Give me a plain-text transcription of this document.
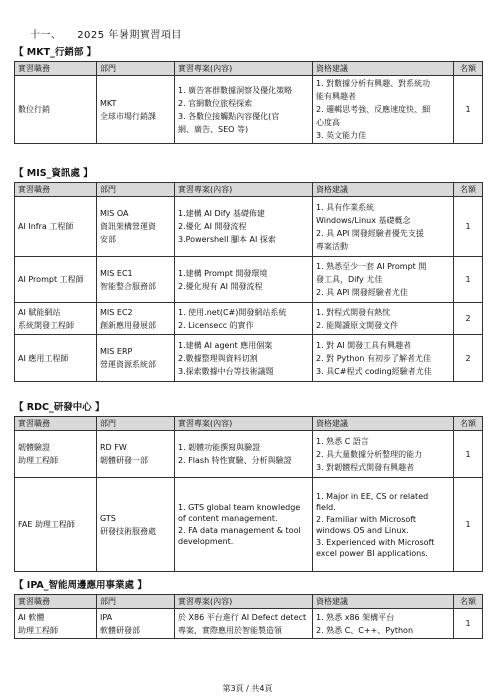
十一、 2025 年暑期實習項目
【 MKT_行銷部 】
實習職務	部門	實習專案(內容)	資格建議	名額

數位行銷	MKT
全球市場行銷課	1. 廣告客群數據洞察及優化策略
2. 官網數位旅程探索
3. 各數位接觸點內容優化(官
網、廣告、SEO 等)	1. 對數據分析有興趣、對系統功
能有興趣者
2. 邏輯思考強、反應速度快、細
心度高
3. 英文能力佳	1
【 MIS_資訊處 】
實習職務	部門	實習專案(內容)	資格建議	名額

AI Infra 工程師	MIS OA
資訊架構營運資
安部	1.建構 AI Dify 基礎佈建
2.優化 AI 開發流程
3.Powershell 腳本 AI 探索	1. 具有作業系統
Windows/Linux 基礎概念
2. 具 API 開發經驗者優先支援
專案活動	1

AI Prompt 工程師	MIS EC1
智能整合服務部	1.建構 Prompt 開發環境
2.優化現有 AI 開發流程	1. 熟悉至少一套 AI Prompt 開
發工具，Dify 尤佳
2. 具 API 開發經驗者尤佳	1

AI 賦能網站
系統開發工程師	MIS EC2
創新應用發展部	1. 使用.net(C#)開發網站系統
2. Licensecc 的實作	1. 對程式開發有熱忱
2. 能閱讀原文開發文件	2

AI 應用工程師	MIS ERP
營運資源系統部	1.建構 AI agent 應用個案
2.數據整理與資料切割
3.探索數據中台等技術議題	1. 對 AI 開發工具有興趣者
2. 對 Python 有初步了解者尤佳
3. 具C#程式 coding經驗者尤佳	2
【 RDC_研發中心 】
實習職務	部門	實習專案(內容)	資格建議	名額

韌體驗證
助理工程師	RD FW
韌體研發一部	1. 韌體功能撰寫與驗證
2. Flash 特性實驗、分析與驗證	1. 熟悉 C 語言
2. 具大量數據分析整理的能力
3. 對韌體程式開發有興趣者	1

FAE 助理工程師	GTS
研發技術服務處	1. GTS global team knowledge of content management.
2. FA data management & tool development.	1. Major in EE, CS or related field.
2. Familiar with Microsoft windows OS and Linux.
3. Experienced with Microsoft excel power BI applications.	1
【 IPA_智能周邊應用事業處 】
實習職務	部門	實習專案(內容)	資格建議	名額

AI 軟體
助理工程師	IPA
軟體研發部	於 X86 平台進行 AI Defect detect
專案，實際應用於智能製造領	1. 熟悉 x86 架構平台
2. 熟悉 C、C++、Python	1
第3頁 / 共4頁
